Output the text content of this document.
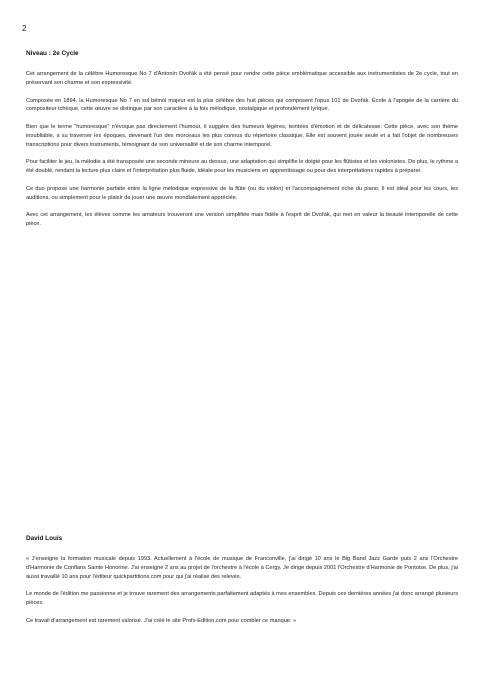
2
Niveau : 2e Cycle

Cet arrangement de la célèbre Humoresque No 7 d'Antonín Dvořák a été pensé pour rendre cette pièce emblématique accessible aux instrumentistes de 2e cycle, tout en préservant son charme et son expressivité.

Composée en 1894, la Humoresque No 7 en sol bémol majeur est la plus célèbre des huit pièces qui composent l'opus 101 de Dvořák. Écrite à l'apogée de la carrière du compositeur tchèque, cette œuvre se distingue par son caractère à la fois mélodique, nostalgique et profondément lyrique.

Bien que le terme "humoresque" n'évoque pas directement l'humour, il suggère des humeurs légères, teintées d'émotion et de délicatesse. Cette pièce, avec son thème inoubliable, a su traverser les époques, devenant l'un des morceaux les plus connus du répertoire classique. Elle est souvent jouée seule et a fait l'objet de nombreuses transcriptions pour divers instruments, témoignant de son universalité et de son charme intemporel.

Pour faciliter le jeu, la mélodie a été transposée une seconde mineure au dessus, une adaptation qui simplifie le doigté pour les flûtistes et les violonistes. De plus, le rythme a été doublé, rendant la lecture plus claire et l'interprétation plus fluide, idéale pour les musiciens en apprentissage ou pour des interprétations rapides à préparer.

Ce duo propose une harmonie parfaite entre la ligne mélodique expressive de la flûte (ou du violon) et l'accompagnement riche du piano. Il est idéal pour les cours, les auditions, ou simplement pour le plaisir de jouer une œuvre mondialement appréciée.

Avec cet arrangement, les élèves comme les amateurs trouveront une version simplifiée mais fidèle à l'esprit de Dvořák, qui met en valeur la beauté intemporelle de cette pièce.

David Louis

« J'enseigne la formation musicale depuis 1993. Actuellement à l'école de musique de Franconville, j'ai dirigé 10 ans le Big Band Jazz Garde puis 2 ans l'Orchestre d'Harmonie de Conflans Sainte Honorine. J'ai enseigné 2 ans au projet de l'orchestre à l'école à Cergy. Je dirige depuis 2001 l'Orchestre d'Harmonie de Pontoise. De plus, j'ai aussi travaillé 10 ans pour l'éditeur quickpartitions.com pour qui j'ai réalisé des relevés.

Le monde de l'édition me passionne et je trouve rarement des arrangements parfaitement adaptés à mes ensembles. Depuis ces dernières années j'ai donc arrangé plusieurs pièces.

Ce travail d'arrangement est rarement valorisé. J'ai créé le site Profs-Edition.com pour combler ce manque. »
